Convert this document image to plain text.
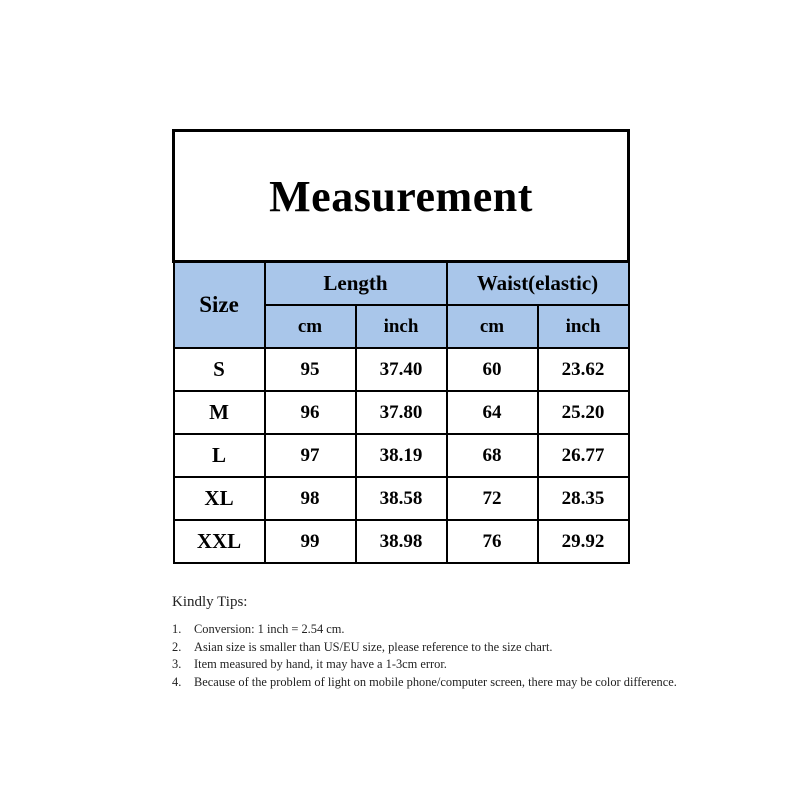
Measurement				
Size	Length		Waist(elastic)	
	cm	inch	cm	inch
S	95	37.40	60	23.62
M	96	37.80	64	25.20
L	97	38.19	68	26.77
XL	98	38.58	72	28.35
XXL	99	38.98	76	29.92
Kindly Tips:
1.	Conversion: 1 inch = 2.54 cm.
2.	Asian size is smaller than US/EU size, please reference to the size chart.
3.	Item measured by hand, it may have a 1-3cm error.
4.	Because of the problem of light on mobile phone/computer screen, there may be color difference.
